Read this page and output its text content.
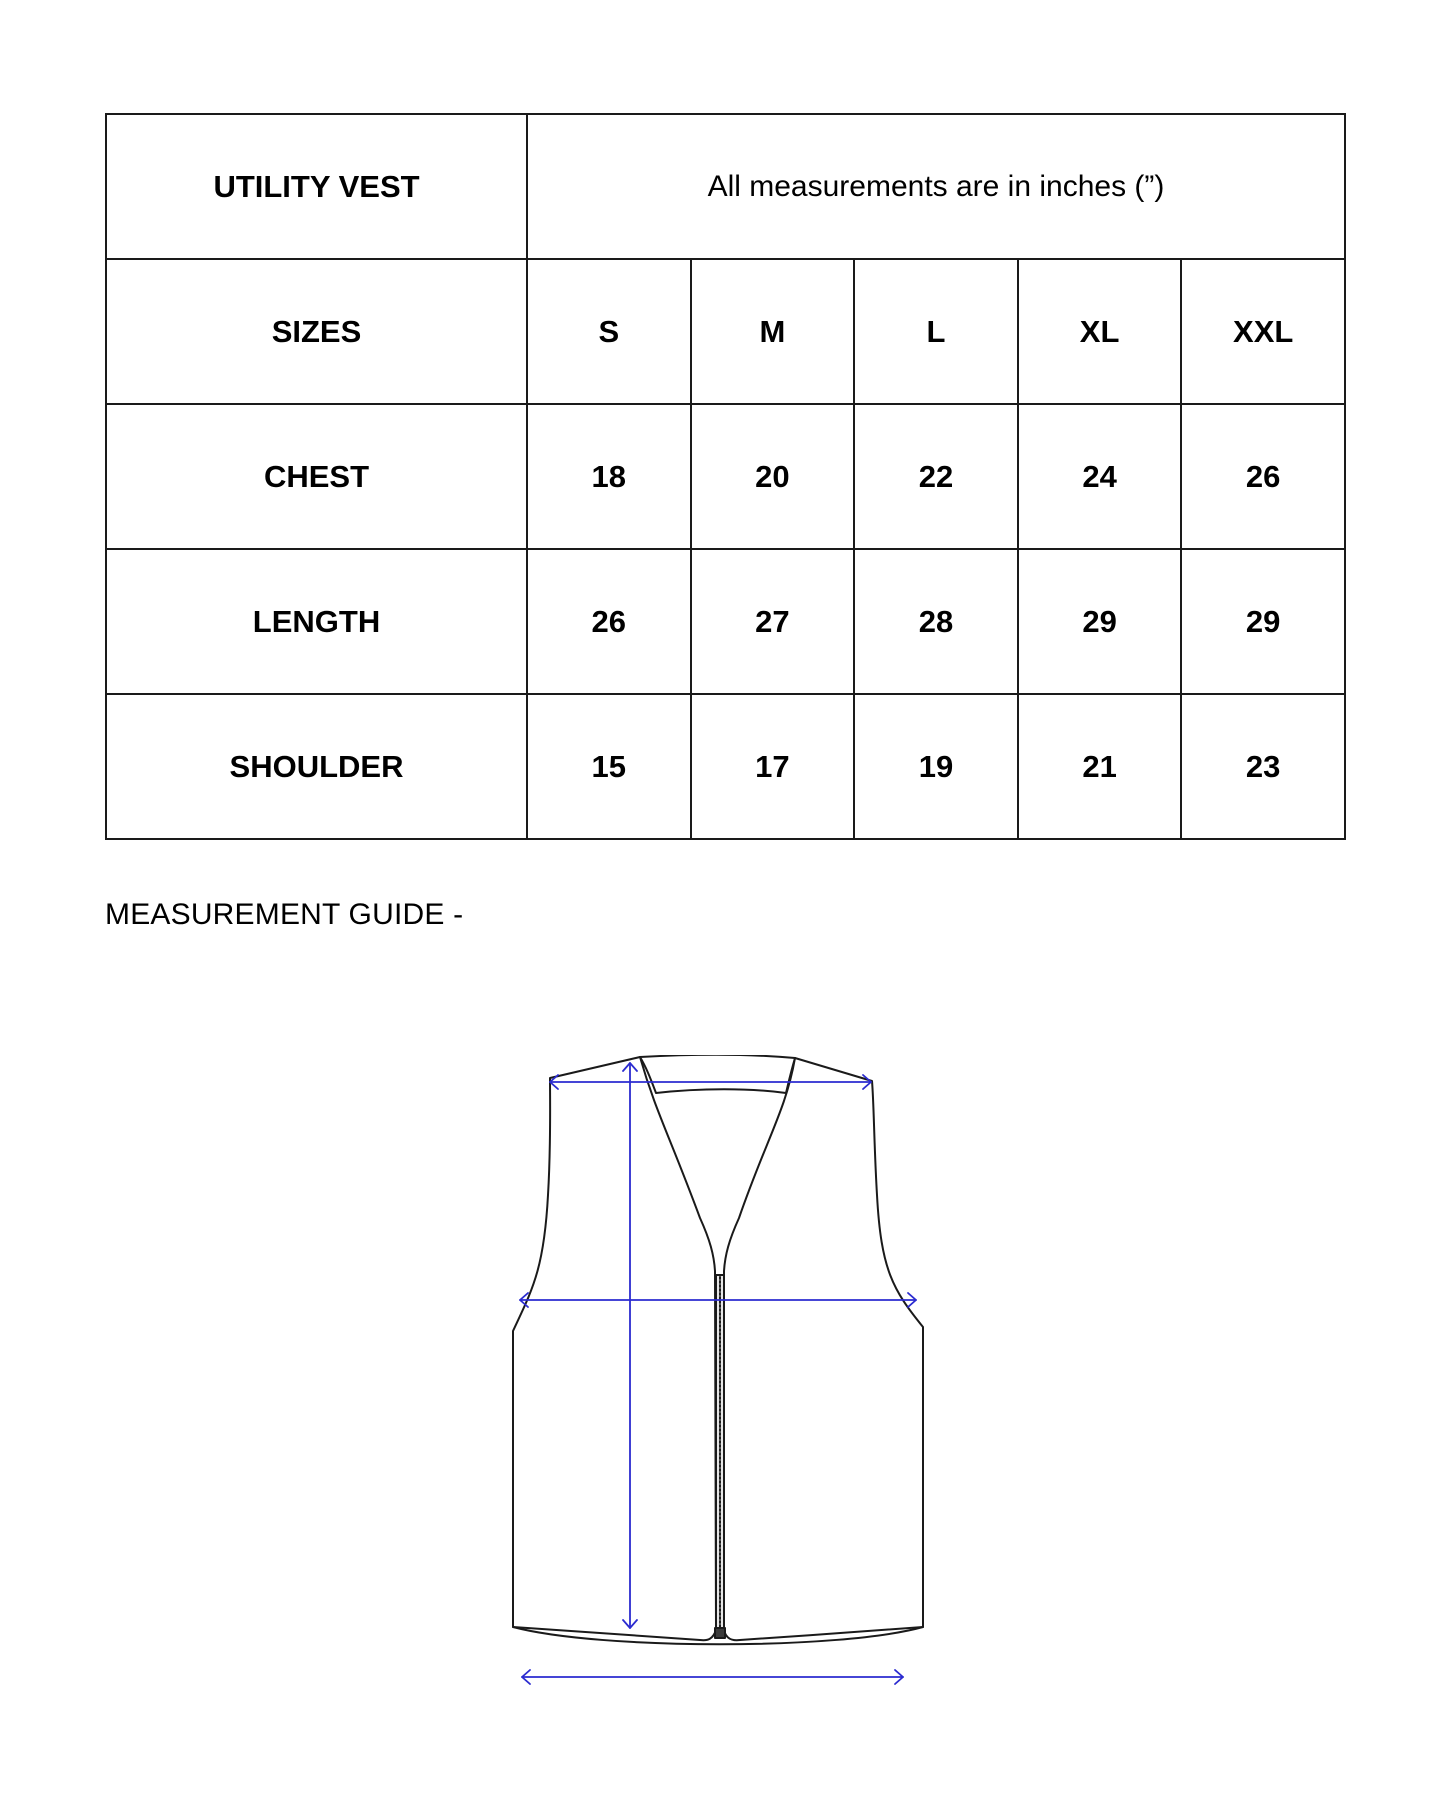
UTILITY VEST	All measurements are in inches (”)				
SIZES	S	M	L	XL	XXL
CHEST	18	20	22	24	26
LENGTH	26	27	28	29	29
SHOULDER	15	17	19	21	23
MEASUREMENT GUIDE -
